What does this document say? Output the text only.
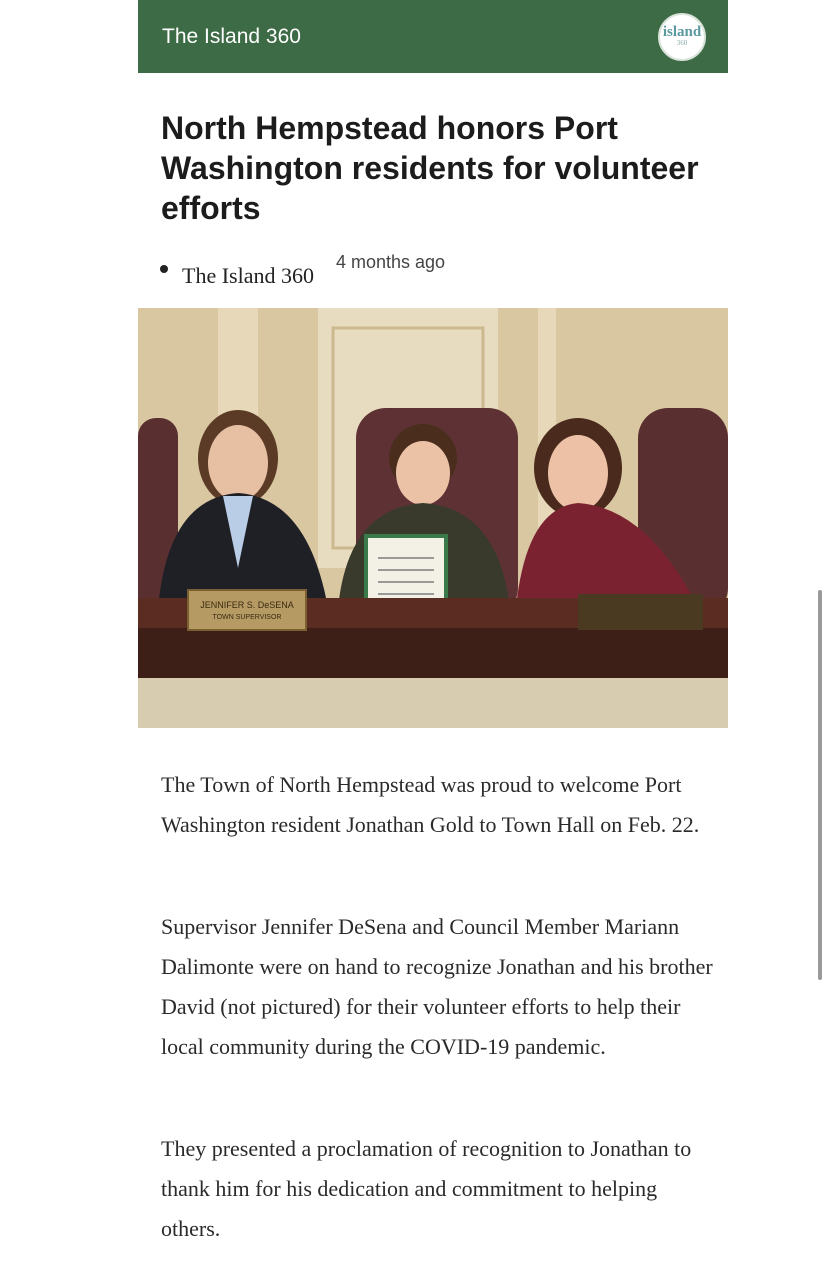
The Island 360	island
360
North Hempstead honors Port Washington residents for volunteer efforts
The Island 360
4 months ago
JENNIFER S. DeSENA
TOWN SUPERVISOR

The Town of North Hempstead was proud to welcome Port Washington resident Jonathan Gold to Town Hall on Feb. 22.

Supervisor Jennifer DeSena and Council Member Mariann Dalimonte were on hand to recognize Jonathan and his brother David (not pictured) for their volunteer efforts to help their local community during the COVID-19 pandemic.

They presented a proclamation of recognition to Jonathan to thank him for his dedication and commitment to helping others.
